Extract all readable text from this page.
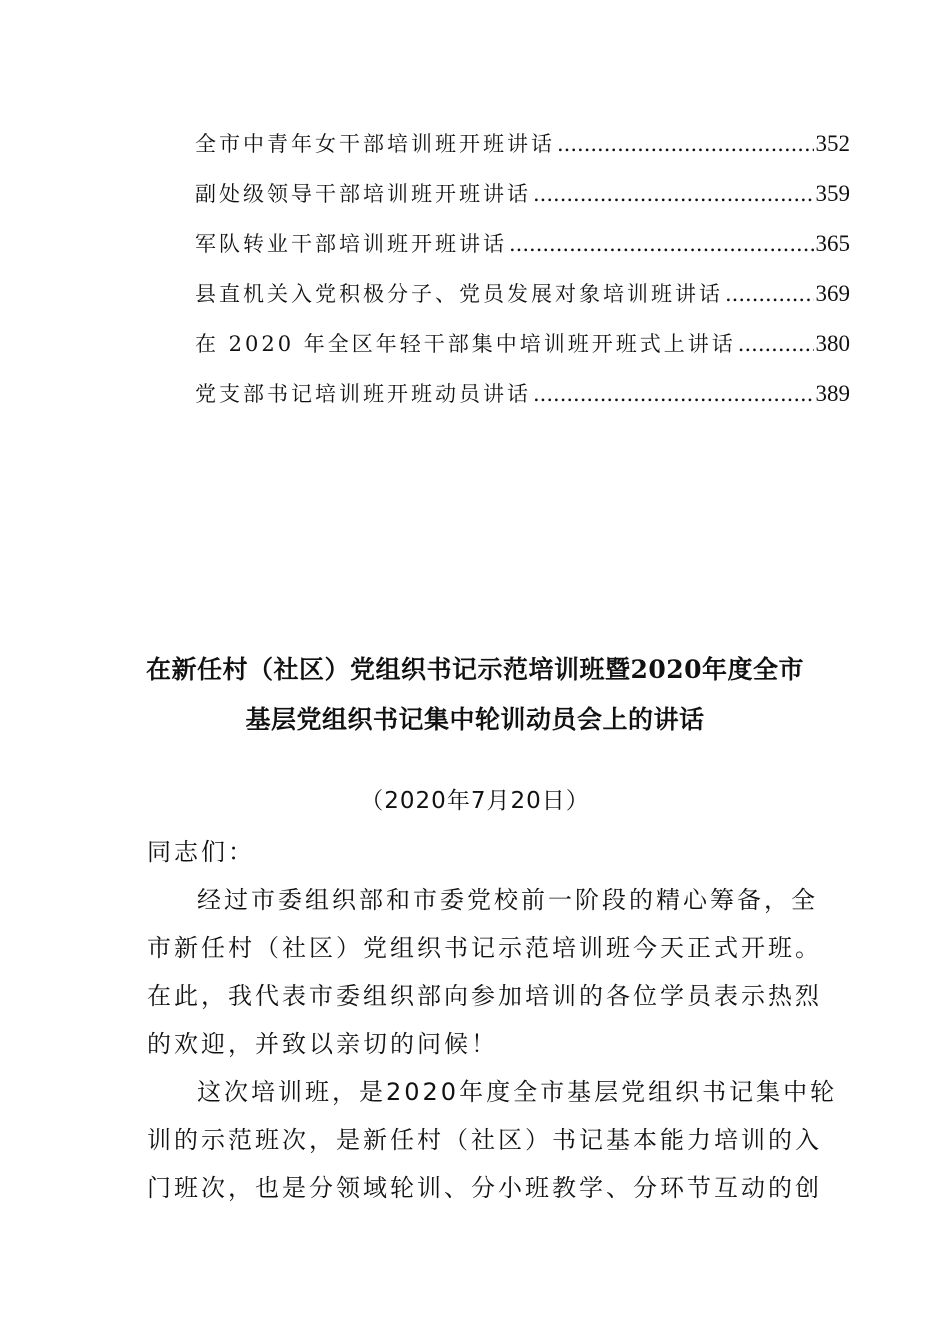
全市中青年女干部培训班开班讲话 .....	352
副处级领导干部培训班开班讲话 .....	359
军队转业干部培训班开班讲话 .....	365
县直机关入党积极分子、党员发展对象培训班讲话 .....	369
在 2020 年全区年轻干部集中培训班开班式上讲话 .....	380
党支部书记培训班开班动员讲话 .....	389
在新任村（社区）党组织书记示范培训班暨2020年度全市
基层党组织书记集中轮训动员会上的讲话
（2020年7月20日）
同志们：
经过市委组织部和市委党校前一阶段的精心筹备，全
市新任村（社区）党组织书记示范培训班今天正式开班。
在此，我代表市委组织部向参加培训的各位学员表示热烈
的欢迎，并致以亲切的问候！
这次培训班，是2020年度全市基层党组织书记集中轮
训的示范班次，是新任村（社区）书记基本能力培训的入
门班次，也是分领域轮训、分小班教学、分环节互动的创
